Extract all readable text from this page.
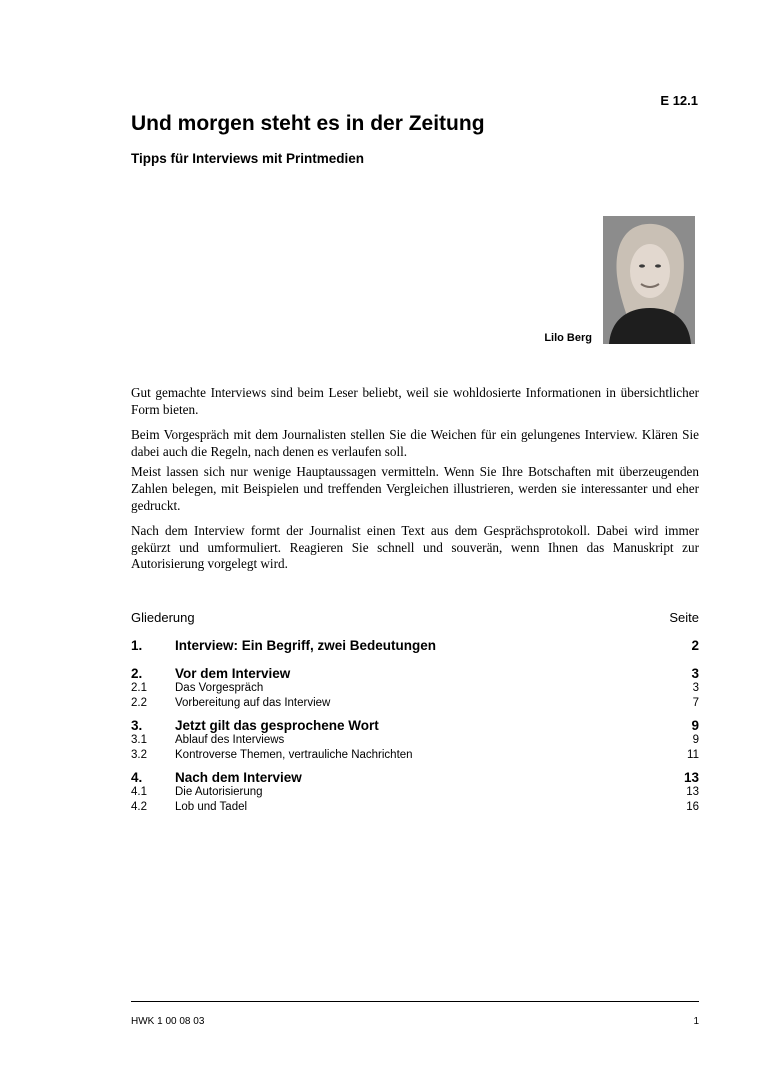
E 12.1
Und morgen steht es in der Zeitung
Tipps für Interviews mit Printmedien
Lilo Berg

Gut gemachte Interviews sind beim Leser beliebt, weil sie wohldosierte Informationen in übersichtlicher Form bieten.

Beim Vorgespräch mit dem Journalisten stellen Sie die Weichen für ein gelungenes Interview. Klären Sie dabei auch die Regeln, nach denen es verlaufen soll.

Meist lassen sich nur wenige Hauptaussagen vermitteln. Wenn Sie Ihre Botschaften mit überzeugenden Zahlen belegen, mit Beispielen und treffenden Vergleichen illustrieren, werden sie interessanter und eher gedruckt.

Nach dem Interview formt der Journalist einen Text aus dem Gesprächsprotokoll. Dabei wird immer gekürzt und umformuliert. Reagieren Sie schnell und souverän, wenn Ihnen das Manuskript zur Autorisierung vorgelegt wird.

Gliederung	Seite
1.	Interview: Ein Begriff, zwei Bedeutungen	2
2.	Vor dem Interview	3
2.1	Das Vorgespräch	3
2.2	Vorbereitung auf das Interview	7
3.	Jetzt gilt das gesprochene Wort	9
3.1	Ablauf des Interviews	9
3.2	Kontroverse Themen, vertrauliche Nachrichten	11
4.	Nach dem Interview	13
4.1	Die Autorisierung	13
4.2	Lob und Tadel	16
HWK 1 00 08 03	1
